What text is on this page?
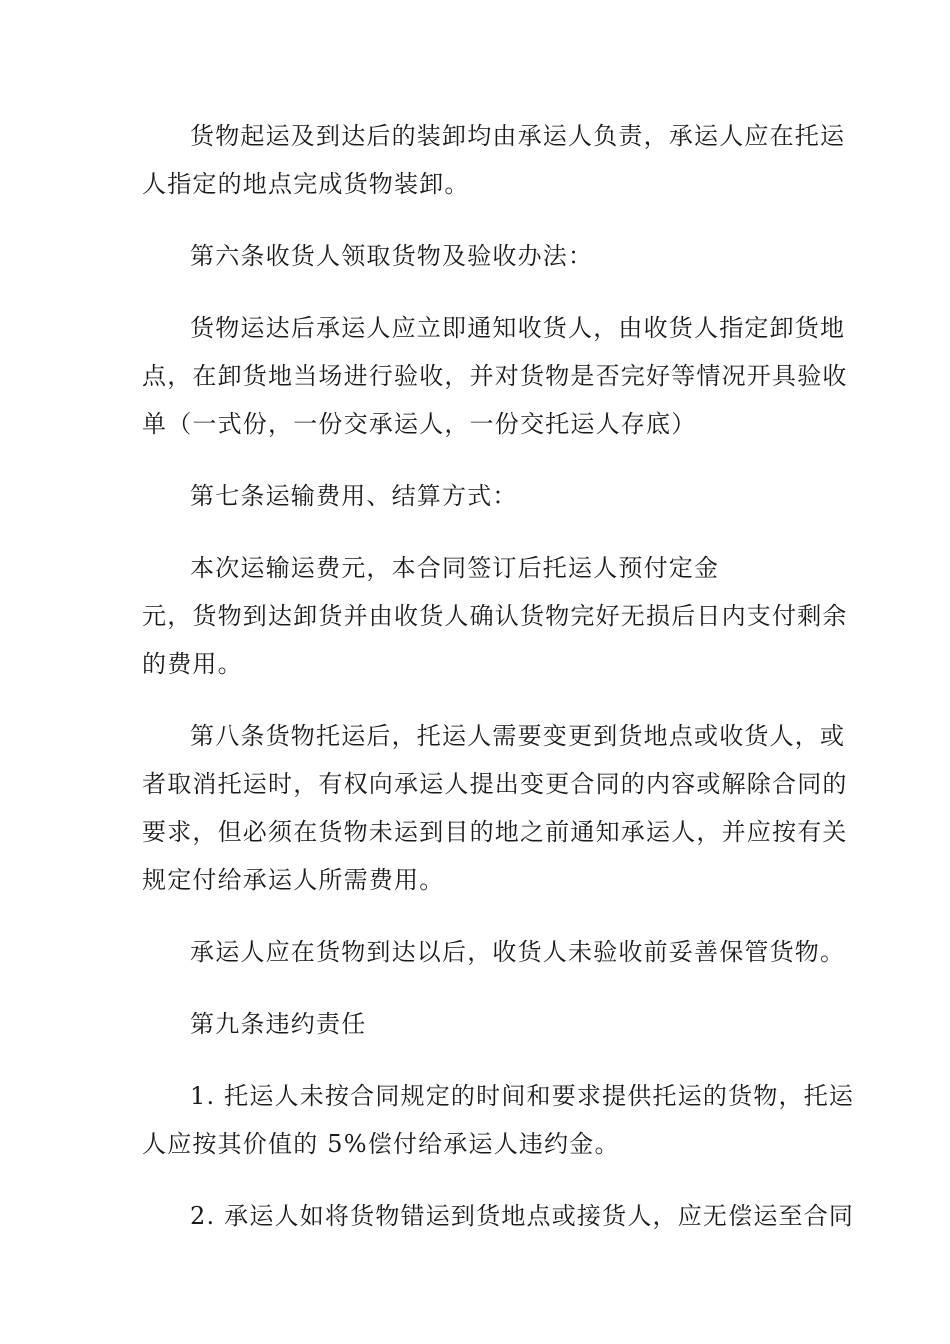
货物起运及到达后的装卸均由承运人负责，承运人应在托运
人指定的地点完成货物装卸。

第六条收货人领取货物及验收办法：

货物运达后承运人应立即通知收货人，由收货人指定卸货地
点，在卸货地当场进行验收，并对货物是否完好等情况开具验收
单（一式份，一份交承运人，一份交托运人存底）

第七条运输费用、结算方式：

本次运输运费元，本合同签订后托运人预付定金
元，货物到达卸货并由收货人确认货物完好无损后日内支付剩余
的费用。

第八条货物托运后，托运人需要变更到货地点或收货人，或
者取消托运时，有权向承运人提出变更合同的内容或解除合同的
要求，但必须在货物未运到目的地之前通知承运人，并应按有关
规定付给承运人所需费用。

承运人应在货物到达以后，收货人未验收前妥善保管货物。

第九条违约责任

1. 托运人未按合同规定的时间和要求提供托运的货物，托运
人应按其价值的 5%偿付给承运人违约金。

2. 承运人如将货物错运到货地点或接货人，应无偿运至合同
